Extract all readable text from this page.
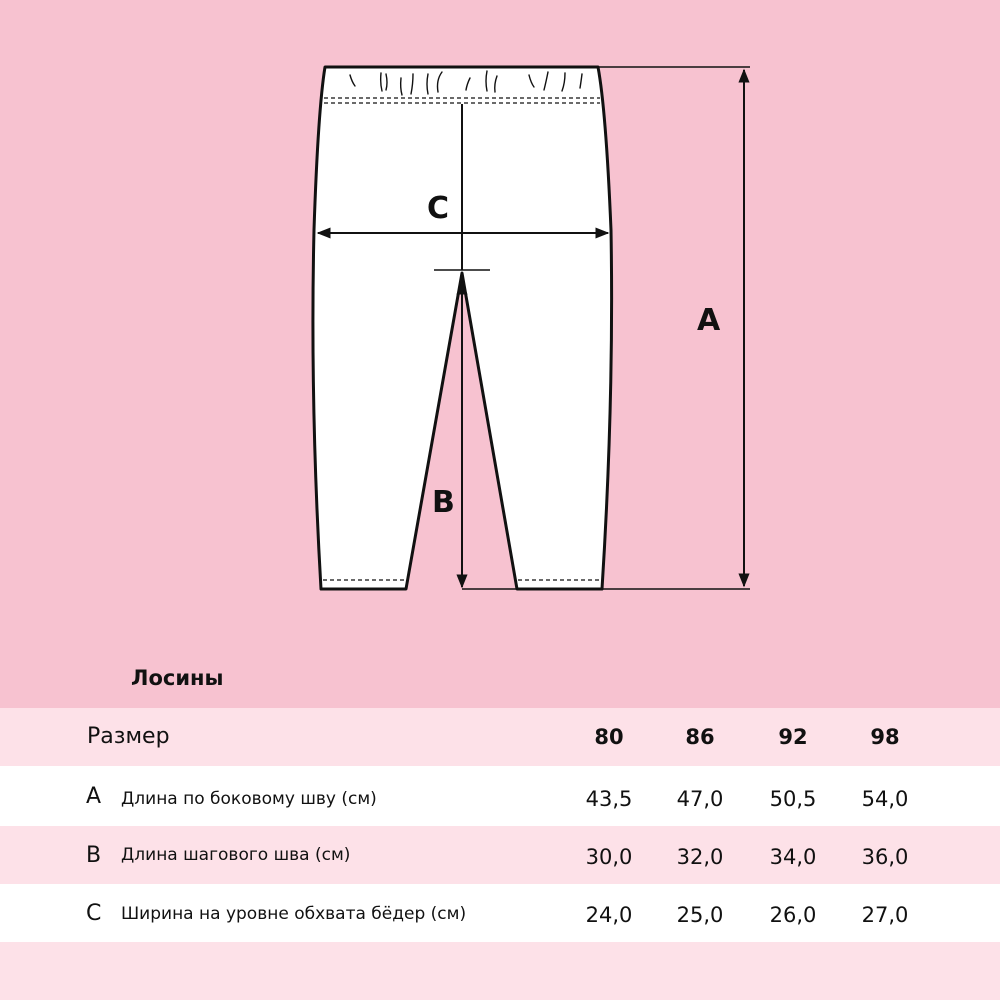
C
B
A
Лосины
Размер	80	86	92	98
A Длина по боковому шву (см)	43,5	47,0	50,5	54,0
B Длина шагового шва (см)	30,0	32,0	34,0	36,0
C Ширина на уровне обхвата бёдер (см)	24,0	25,0	26,0	27,0
